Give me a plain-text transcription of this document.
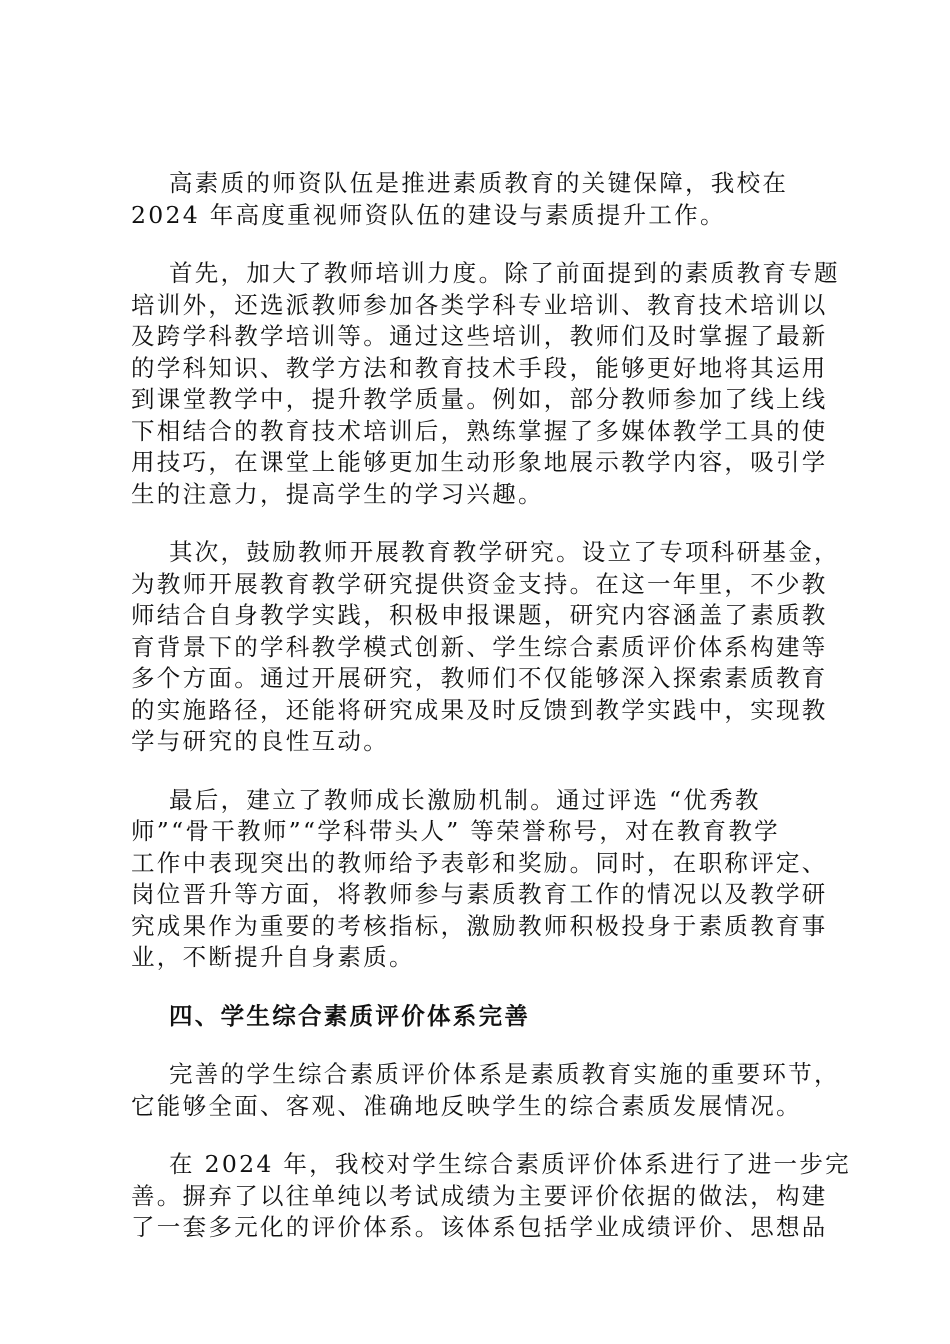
高素质的师资队伍是推进素质教育的关键保障，我校在
2024 年高度重视师资队伍的建设与素质提升工作。

首先，加大了教师培训力度。除了前面提到的素质教育专题
培训外，还选派教师参加各类学科专业培训、教育技术培训以
及跨学科教学培训等。通过这些培训，教师们及时掌握了最新
的学科知识、教学方法和教育技术手段，能够更好地将其运用
到课堂教学中，提升教学质量。例如，部分教师参加了线上线
下相结合的教育技术培训后，熟练掌握了多媒体教学工具的使
用技巧，在课堂上能够更加生动形象地展示教学内容，吸引学
生的注意力，提高学生的学习兴趣。

其次，鼓励教师开展教育教学研究。设立了专项科研基金，
为教师开展教育教学研究提供资金支持。在这一年里，不少教
师结合自身教学实践，积极申报课题，研究内容涵盖了素质教
育背景下的学科教学模式创新、学生综合素质评价体系构建等
多个方面。通过开展研究，教师们不仅能够深入探索素质教育
的实施路径，还能将研究成果及时反馈到教学实践中，实现教
学与研究的良性互动。

最后，建立了教师成长激励机制。通过评选 “优秀教
师”“骨干教师”“学科带头人” 等荣誉称号，对在教育教学
工作中表现突出的教师给予表彰和奖励。同时，在职称评定、
岗位晋升等方面，将教师参与素质教育工作的情况以及教学研
究成果作为重要的考核指标，激励教师积极投身于素质教育事
业，不断提升自身素质。

四、学生综合素质评价体系完善

完善的学生综合素质评价体系是素质教育实施的重要环节，
它能够全面、客观、准确地反映学生的综合素质发展情况。

在 2024 年，我校对学生综合素质评价体系进行了进一步完
善。摒弃了以往单纯以考试成绩为主要评价依据的做法，构建
了一套多元化的评价体系。该体系包括学业成绩评价、思想品
